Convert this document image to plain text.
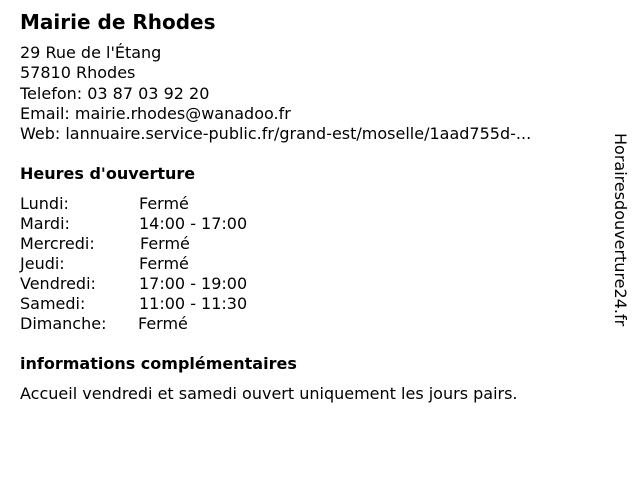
Mairie de Rhodes
29 Rue de l'Étang
57810 Rhodes
Telefon: 03 87 03 92 20
Email: mairie.rhodes@wanadoo.fr
Web: lannuaire.service-public.fr/grand-est/moselle/1aad755d-...
Heures d'ouverture
Lundi:	Fermé
Mardi:	14:00 - 17:00
Mercredi:	Fermé
Jeudi:	Fermé
Vendredi:	17:00 - 19:00
Samedi:	11:00 - 11:30
Dimanche:	Fermé
informations complémentaires
Accueil vendredi et samedi ouvert uniquement les jours pairs.
Horairesdouverture24.fr
